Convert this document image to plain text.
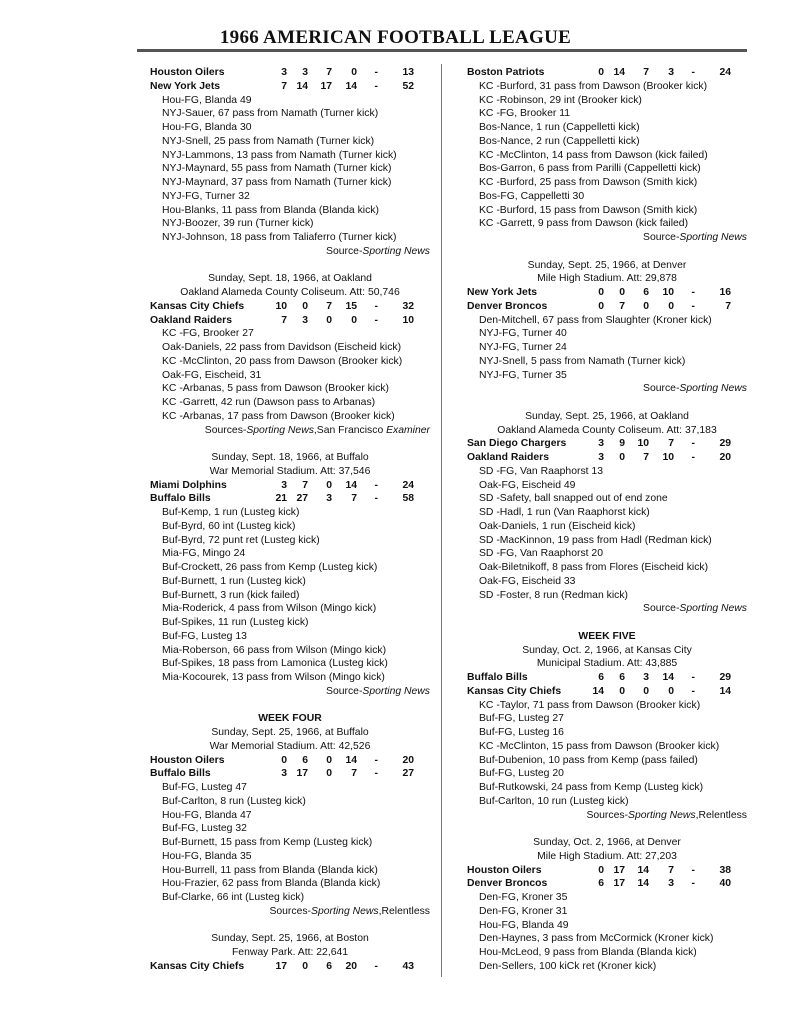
1966 AMERICAN FOOTBALL LEAGUE
Houston Oilers	3 3 7 0 - 13
New York Jets	7 14 17 14 - 52
Hou-FG, Blanda 49
NYJ-Sauer, 67 pass from Namath (Turner kick)
Hou-FG, Blanda 30
NYJ-Snell, 25 pass from Namath (Turner kick)
NYJ-Lammons, 13 pass from Namath (Turner kick)
NYJ-Maynard, 55 pass from Namath (Turner kick)
NYJ-Maynard, 37 pass from Namath (Turner kick)
NYJ-FG, Turner 32
Hou-Blanks, 11 pass from Blanda (Blanda kick)
NYJ-Boozer, 39 run (Turner kick)
NYJ-Johnson, 18 pass from Taliaferro (Turner kick)
Source-Sporting News
Sunday, Sept. 18, 1966, at Oakland
Oakland Alameda County Coliseum. Att: 50,746
Kansas City Chiefs	10 0 7 15 - 32
Oakland Raiders	7 3 0 0 - 10
KC -FG, Brooker 27
Oak-Daniels, 22 pass from Davidson (Eischeid kick)
KC -McClinton, 20 pass from Dawson (Brooker kick)
Oak-FG, Eischeid, 31
KC -Arbanas, 5 pass from Dawson (Brooker kick)
KC -Garrett, 42 run (Dawson pass to Arbanas)
KC -Arbanas, 17 pass from Dawson (Brooker kick)
Sources-Sporting News,San Francisco Examiner
Sunday, Sept. 18, 1966, at Buffalo
War Memorial Stadium. Att: 37,546
Miami Dolphins	3 7 0 14 - 24
Buffalo Bills	21 27 3 7 - 58
Buf-Kemp, 1 run (Lusteg kick)
Buf-Byrd, 60 int (Lusteg kick)
Buf-Byrd, 72 punt ret (Lusteg kick)
Mia-FG, Mingo 24
Buf-Crockett, 26 pass from Kemp (Lusteg kick)
Buf-Burnett, 1 run (Lusteg kick)
Buf-Burnett, 3 run (kick failed)
Mia-Roderick, 4 pass from Wilson (Mingo kick)
Buf-Spikes, 11 run (Lusteg kick)
Buf-FG, Lusteg 13
Mia-Roberson, 66 pass from Wilson (Mingo kick)
Buf-Spikes, 18 pass from Lamonica (Lusteg kick)
Mia-Kocourek, 13 pass from Wilson (Mingo kick)
Source-Sporting News
WEEK FOUR
Sunday, Sept. 25, 1966, at Buffalo
War Memorial Stadium. Att: 42,526
Houston Oilers	0 6 0 14 - 20
Buffalo Bills	3 17 0 7 - 27
Buf-FG, Lusteg 47
Buf-Carlton, 8 run (Lusteg kick)
Hou-FG, Blanda 47
Buf-FG, Lusteg 32
Buf-Burnett, 15 pass from Kemp (Lusteg kick)
Hou-FG, Blanda 35
Hou-Burrell, 11 pass from Blanda (Blanda kick)
Hou-Frazier, 62 pass from Blanda (Blanda kick)
Buf-Clarke, 66 int (Lusteg kick)
Sources-Sporting News,Relentless
Sunday, Sept. 25, 1966, at Boston
Fenway Park. Att: 22,641
Kansas City Chiefs	17 0 6 20 - 43
Boston Patriots	0 14 7 3 - 24
KC -Burford, 31 pass from Dawson (Brooker kick)
KC -Robinson, 29 int (Brooker kick)
KC -FG, Brooker 11
Bos-Nance, 1 run (Cappelletti kick)
Bos-Nance, 2 run (Cappelletti kick)
KC -McClinton, 14 pass from Dawson (kick failed)
Bos-Garron, 6 pass from Parilli (Cappelletti kick)
KC -Burford, 25 pass from Dawson (Smith kick)
Bos-FG, Cappelletti 30
KC -Burford, 15 pass from Dawson (Smith kick)
KC -Garrett, 9 pass from Dawson (kick failed)
Source-Sporting News
Sunday, Sept. 25, 1966, at Denver
Mile High Stadium. Att: 29,878
New York Jets	0 0 6 10 - 16
Denver Broncos	0 7 0 0 -	7
Den-Mitchell, 67 pass from Slaughter (Kroner kick)
NYJ-FG, Turner 40
NYJ-FG, Turner 24
NYJ-Snell, 5 pass from Namath (Turner kick)
NYJ-FG, Turner 35
Source-Sporting News
Sunday, Sept. 25, 1966, at Oakland
Oakland Alameda County Coliseum. Att: 37,183
San Diego Chargers	3 9 10 7 - 29
Oakland Raiders	3 0 7 10 - 20
SD -FG, Van Raaphorst 13
Oak-FG, Eischeid 49
SD -Safety, ball snapped out of end zone
SD -Hadl, 1 run (Van Raaphorst kick)
Oak-Daniels, 1 run (Eischeid kick)
SD -MacKinnon, 19 pass from Hadl (Redman kick)
SD -FG, Van Raaphorst 20
Oak-Biletnikoff, 8 pass from Flores (Eischeid kick)
Oak-FG, Eischeid 33
SD -Foster, 8 run (Redman kick)
Source-Sporting News
WEEK FIVE
Sunday, Oct. 2, 1966, at Kansas City
Municipal Stadium. Att: 43,885
Buffalo Bills	6 6 3 14 - 29
Kansas City Chiefs	14 0 0 0 - 14
KC -Taylor, 71 pass from Dawson (Brooker kick)
Buf-FG, Lusteg 27
Buf-FG, Lusteg 16
KC -McClinton, 15 pass from Dawson (Brooker kick)
Buf-Dubenion, 10 pass from Kemp (pass failed)
Buf-FG, Lusteg 20
Buf-Rutkowski, 24 pass from Kemp (Lusteg kick)
Buf-Carlton, 10 run (Lusteg kick)
Sources-Sporting News,Relentless
Sunday, Oct. 2, 1966, at Denver
Mile High Stadium. Att: 27,203
Houston Oilers	0 17 14 7 - 38
Denver Broncos	6 17 14 3 - 40
Den-FG, Kroner 35
Den-FG, Kroner 31
Hou-FG, Blanda 49
Den-Haynes, 3 pass from McCormick (Kroner kick)
Hou-McLeod, 9 pass from Blanda (Blanda kick)
Den-Sellers, 100 kiCk ret (Kroner kick)
